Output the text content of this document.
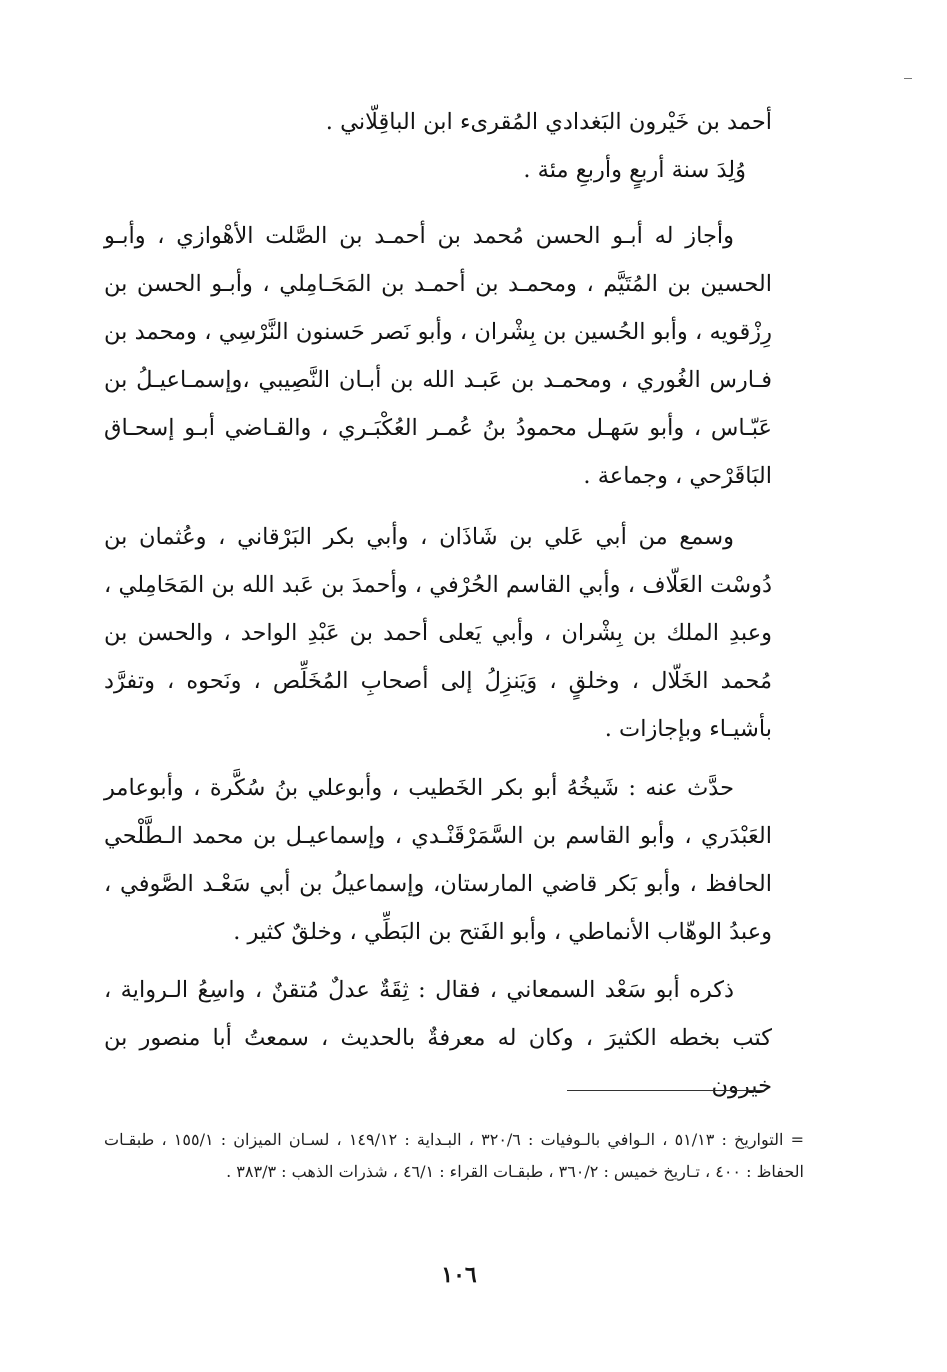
أحمد بن خَيْرون البَغدادي المُقرىء ابن الباقِلّاني .
وُلِدَ سنة أربعٍ وأربعِ مئة .

وأجاز له أبـو الحسن مُحمد بن أحمـد بن الصَّلت الأهْوازي ، وأبـو الحسين بن المُتَيَّم ، ومحمـد بن أحمـد بن المَحَـامِلي ، وأبـو الحسن بن رِزْقويه ، وأبو الحُسين بن بِشْران ، وأبو نَصر حَسنون النَّرْسِي ، ومحمد بن فـارس الغُوري ، ومحمـد بن عَبـد الله بن أبـان النَّصِيبي ،وإسمـاعيـلُ بن عَبّـاس ، وأبو سَهـل محمودُ بنُ عُمـر العُكْبَـري ، والقـاضي أبـو إسحـاق البَاقَرْحي ، وجماعة .

وسمع من أبي عَلي بن شَاذَان ، وأبي بكر البَرْقاني ، وعُثمان بن دُوسْت العَلّاف ، وأبي القاسم الحُرْفي ، وأحمدَ بن عَبد الله بن المَحَامِلي ، وعبدِ الملك بن بِشْران ، وأبي يَعلى أحمد بن عَبْدِ الواحد ، والحسن بن مُحمد الخَلّال ، وخلقٍ ، وَيَنزِلُ إلى أصحابِ المُخَلِّص ، ونَحوه ، وتفرَّد بأشيـاء وبإجازات .

حدَّث عنه : شَيخُهُ أبو بكر الخَطيب ، وأبوعلي بنُ سُكَّرة ، وأبوعامر العَبْدَري ، وأبو القاسم بن السَّمَرْقَنْـدي ، وإسماعيـل بن محمد الـطَّلْحي الحافظ ، وأبو بَكر قاضي المارستان، وإسماعيلُ بن أبي سَعْـد الصَّوفي ، وعبدُ الوهّاب الأنماطي ، وأبو الفَتح بن البَطِّي ، وخلقٌ كثير .

ذكره أبو سَعْد السمعاني ، فقال : ثِقَةٌ عدلٌ مُتقنٌ ، واسِعُ الـرواية ، كتب بخطه الكثيرَ ، وكان له معرفةٌ بالحديث ، سمعتُ أبا منصور بن خيرون

= التواريخ : ٥١/١٣ ، الـوافي بالـوفيات : ٣٢٠/٦ ، البـداية : ١٤٩/١٢ ، لسـان الميزان : ١٥٥/١ ، طبقـات الحفاظ : ٤٠٠ ، تـاريخ خميس : ٣٦٠/٢ ، طبقـات القراء : ٤٦/١ ، شذرات الذهب : ٣٨٣/٣ .
١٠٦
